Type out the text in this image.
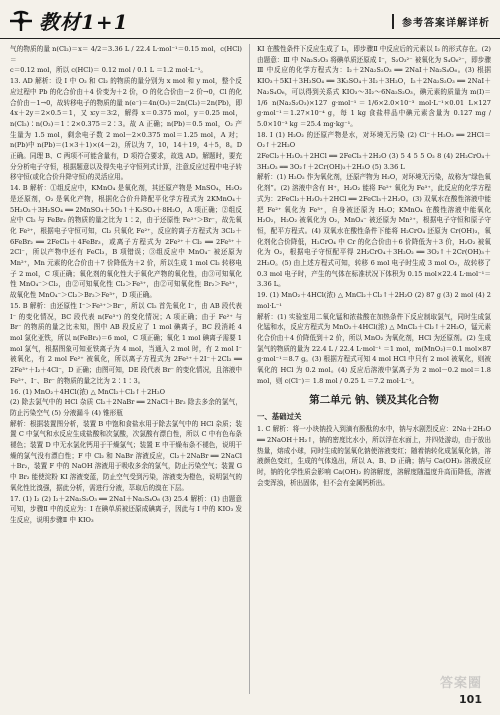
教材1+1	参考答案详解详析

气的物质的量 n(Cl₂)＝x＝ 4/2＝3.36 L / 22.4 L·mol⁻¹＝0.15 mol，c(HCl)＝

c＝0.12 mol，所以 c(HCl)＝ 0.12 mol / 0.1 L ＝1.2 mol·L⁻¹。

13. AD 解析：设 Ⅰ 中 O₂ 和 Cl₂ 的物质的量分别为 x mol 和 y mol，整个反应过程中 Pb 的化合价由＋4 价变为＋2 价，O 的化合价由－2 价→0，Cl 的化合价由－1→0，故转移电子的物质的量 n(e⁻)＝4n(O₂)＝2n(Cl₂)＝2n(Pb)，即 4x＋2y＝2×0.5＝1，又 x∶y＝3∶2，解得 x＝0.375 mol，y＝0.25 mol，n(Cl₂)∶n(O₂)＝1∶2×0.375＝2∶3。故 A 正确；n(Pb)＝0.5 mol，O₂ 产生量为 1.5 mol，剩余电子数 2 mol－2×0.375 mol＝1.25 mol，A 对；n(Pb)中 n(Pb)＝(1×3＋1)×(4－2)，所以为 7，10，14＋19，4＋5，8。D 正确。同理 B、C 两项不可能含量有，D 项符合要求，故选 AD。解题时，要充分分析电子守恒，根据题意以及得失电子守恒列式计算，注意反应过程中电子转移守恒(或化合价升降守恒)的灵活应用。

14. B 解析：①组反应中，KMnO₄ 是氧化剂，其还原产物是 MnSO₄，H₂O₂ 是还原剂，O₂ 是氧化产物，根据化合价升降配平化学方程式为 2KMnO₄＋5H₂O₂＋3H₂SO₄ ══ 2MnSO₄＋5O₂↑＋K₂SO₄＋8H₂O，A 项正确；②组反应中 Cl₂ 与 FeBr₂ 的物质的量之比为 1∶2，由于还原性 Fe²⁺＞Br⁻，故先氧化 Fe²⁺，根据电子守恒可知，Cl₂ 只氧化 Fe²⁺，反应的离子方程式为 3Cl₂＋6FeBr₂ ══ 2FeCl₃＋4FeBr₃，或离子方程式为 2Fe²⁺＋Cl₂ ══ 2Fe³⁺＋2Cl⁻，所以产物中还有 FeCl₃，B 项错误；③组反应中 MnO₄⁻ 被还原为 Mn²⁺，Mn 元素的化合价由＋7 价降低为＋2 价，所以生成 1 mol Cl₂ 转移电子 2 mol，C 项正确；氧化剂的氧化性大于氧化产物的氧化性，由③可知氧化性 MnO₄⁻＞Cl₂，由②可知氧化性 Cl₂＞Fe³⁺，由②可知氧化性 Br₂＞Fe³⁺，故氧化性 MnO₄⁻＞Cl₂＞Br₂＞Fe³⁺，D 项正确。

15. B 解析：由还原性 I⁻＞Fe²⁺＞Br⁻，所以 Cl₂ 首先氧化 I⁻，由 AB 段代表 I⁻ 的变化情况，BC 段代表 n(Fe³⁺) 的变化情况；A 项正确；由于 Fe²⁺ 与 Br⁻ 的物质的量之比未知，图中 AB 段反应了 1 mol 碘离子，BC 段消耗 4 mol 氯化亚铁，所以 n(FeBr₂)＝6 mol，C 项正确；氧化 1 mol 碘离子需要 1 mol 氯气，根据图象可知亚铁离子为 4 mol，当通入 2 mol 时，有 2 mol I⁻ 被氧化，有 2 mol Fe²⁺ 被氧化，所以离子方程式为 2Fe²⁺＋2I⁻＋2Cl₂ ══ 2Fe³⁺＋I₂＋4Cl⁻，D 正确；由图可知，DE 段代表 Br⁻ 的变化情况，且溶液中 Fe²⁺、I⁻、Br⁻ 的物质的量之比为 2∶1∶3。

16. (1) MnO₂＋4HCl(浓) △ MnCl₂＋Cl₂↑＋2H₂O

(2) 除去氯气中的 HCl 杂质 Cl₂＋2NaBr ══ 2NaCl＋Br₂ 除去多余的氯气，防止污染空气 (5) 分液漏斗 (4) 锥形瓶

解析：根据装置图分析，装置 B 中饱和食盐水用于除去氯气中的 HCl 杂质；装置 C 中氯气和水反应生成盐酸和次氯酸，次氯酸有漂白性，所以 C 中有色布条褪色；装置 D 中无水氯化钙用于干燥氯气；装置 E 中干燥布条不褪色，说明干燥的氯气没有漂白性；F 中 Cl₂ 和 NaBr 溶液反应，Cl₂＋2NaBr ══ 2NaCl＋Br₂，装置 F 中的 NaOH 溶液用于吸收多余的氯气，防止污染空气；装置 G 中 Br₂ 能使淀粉 KI 溶液变蓝，防止空气受到污染，溶液变为橙色，说明氯气的氧化性比溴强，据此分析，需进行分液，萃取后的溴在下层。

17. (1) I₂ (2) I₂＋2Na₂S₂O₃ ══ 2NaI＋Na₂S₄O₆ (3) 25.4 解析：(1) 由题意可知，步骤Ⅱ 中的反应为：Ⅰ 在碘单质被还原成碘离子，因此与 Ⅰ 中的 KIO₃ 发生反应，说明步骤Ⅱ 中 KIO₃

KI 在酸性条件下反应生成了 I₂，即步骤Ⅱ 中反应后的元素以 I₂ 的形式存在。(2) 由题意：Ⅲ 中 Na₂S₂O₃ 将碘单质还原成 I⁻，S₂O₃²⁻ 被氧化为 S₄O₆²⁻，即步骤Ⅲ 中反应的化学方程式为：I₂＋2Na₂S₂O₃ ══ 2NaI＋Na₂S₄O₆。(3) 根据 KIO₃＋5KI＋3H₂SO₄ ══ 3K₂SO₄＋3I₂＋3H₂O，I₂＋2Na₂S₂O₃ ══ 2NaI＋Na₂S₄O₆，可以得到关系式 KIO₃～3I₂～6Na₂S₂O₃，碘元素的质量为 m(I)＝1/6 n(Na₂S₂O₃)×127 g·mol⁻¹＝1/6×2.0×10⁻³ mol·L⁻¹×0.01 L×127 g·mol⁻¹＝1.27×10⁻⁴ g，每 1 kg 食盐样品中碘元素含量为 0.127 mg / 5.0×10⁻³ kg ＝25.4 mg·kg⁻¹。

18. Ⅰ (1) H₂O₂ 的还原产物是水，对环境无污染 (2) Cl⁻＋H₂O₂ ══ 2HCl＝O₂↑＋2H₂O

2FeCl₂＋H₂O₂＋2HCl ══ 2FeCl₃＋2H₂O (3) 5 4 5 5 O₂ 8 (4) 2H₂CrO₄＋3H₂O₂ ══ 3O₂↑＋2Cr(OH)₃＋2H₂O (5) 3.36 L

解析：(1) H₂O₂ 作为氧化剂，还原产物为 H₂O，对环境无污染，故称为“绿色氧化剂”。(2) 溶液中含有 H⁺，H₂O₂ 能将 Fe²⁺ 氧化为 Fe³⁺，此反应的化学方程式为：2FeCl₂＋H₂O₂＋2HCl ══ 2FeCl₃＋2H₂O。(3) 双氧水在酸性溶液中能把 Fe²⁺ 氧化为 Fe³⁺，自身被还原为 H₂O；KMnO₄ 在酸性溶液中能氧化 H₂O₂，H₂O₂ 被氧化为 O₂，MnO₄⁻ 被还原为 Mn²⁺，根据电子守恒和原子守恒，配平方程式。(4) 双氧水在酸性条件下能将 H₂CrO₄ 还原为 Cr(OH)₃，氧化剂化合价降低，H₂CrO₄ 中 Cr 的化合价由＋6 价降低为＋3 价，H₂O₂ 被氧化为 O₂，根据电子守恒配平得 2H₂CrO₄＋3H₂O₂ ══ 3O₂↑＋2Cr(OH)₃＋2H₂O。(5) 由上述方程式可知，转移 6 mol 电子时生成 3 mol O₂，故转移了 0.3 mol 电子时，产生的气体在标准状况下体积为 0.15 mol×22.4 L·mol⁻¹＝3.36 L。

19. (1) MnO₂＋4HCl(浓) △ MnCl₂＋Cl₂↑＋2H₂O (2) 87 g (3) 2 mol (4) 2 mol·L⁻¹

解析：(1) 实验室用二氧化锰和浓盐酸在加热条件下反应制取氯气，同时生成氯化锰和水，反应方程式为 MnO₂＋4HCl(浓) △ MnCl₂＋Cl₂↑＋2H₂O，锰元素化合价由＋4 价降低到＋2 价，所以 MnO₂ 为氧化剂，HCl 为还原剂。(2) 生成氯气的物质的量为 22.4 L / 22.4 L·mol⁻¹ ＝1 mol，m(MnO₂)＝0.1 mol×87 g·mol⁻¹＝8.7 g。(3) 根据方程式可知 4 mol HCl 中只有 2 mol 被氧化，则被氧化的 HCl 为 0.2 mol。(4) 反应后溶液中氯离子为 2 mol－0.2 mol＝1.8 mol，则 c(Cl⁻)＝ 1.8 mol / 0.25 L ＝7.2 mol·L⁻¹。

第二单元 钠、镁及其化合物
一、基础过关

1. C 解析：将一小块钠投入到滴有酚酞的水中，钠与水剧烈反应：2Na＋2H₂O ══ 2NaOH＋H₂↑，钠的密度比水小，所以浮在水面上，并四处游动，由于放出热量，熔成小球，同时生成的氢氧化钠使溶液变红；随着钠转化成氢氧化钠，溶液颜色变红，生成的气体逸出，所以 A、B、D 正确；钠与 Ca(OH)₂ 溶液反应时，钠的化学性质会影响 Ca(OH)₂ 的溶解度，溶解度随温度升高而降低，溶液会变浑浊，析出固体，但不会有金属钙析出。

答案圈
101
